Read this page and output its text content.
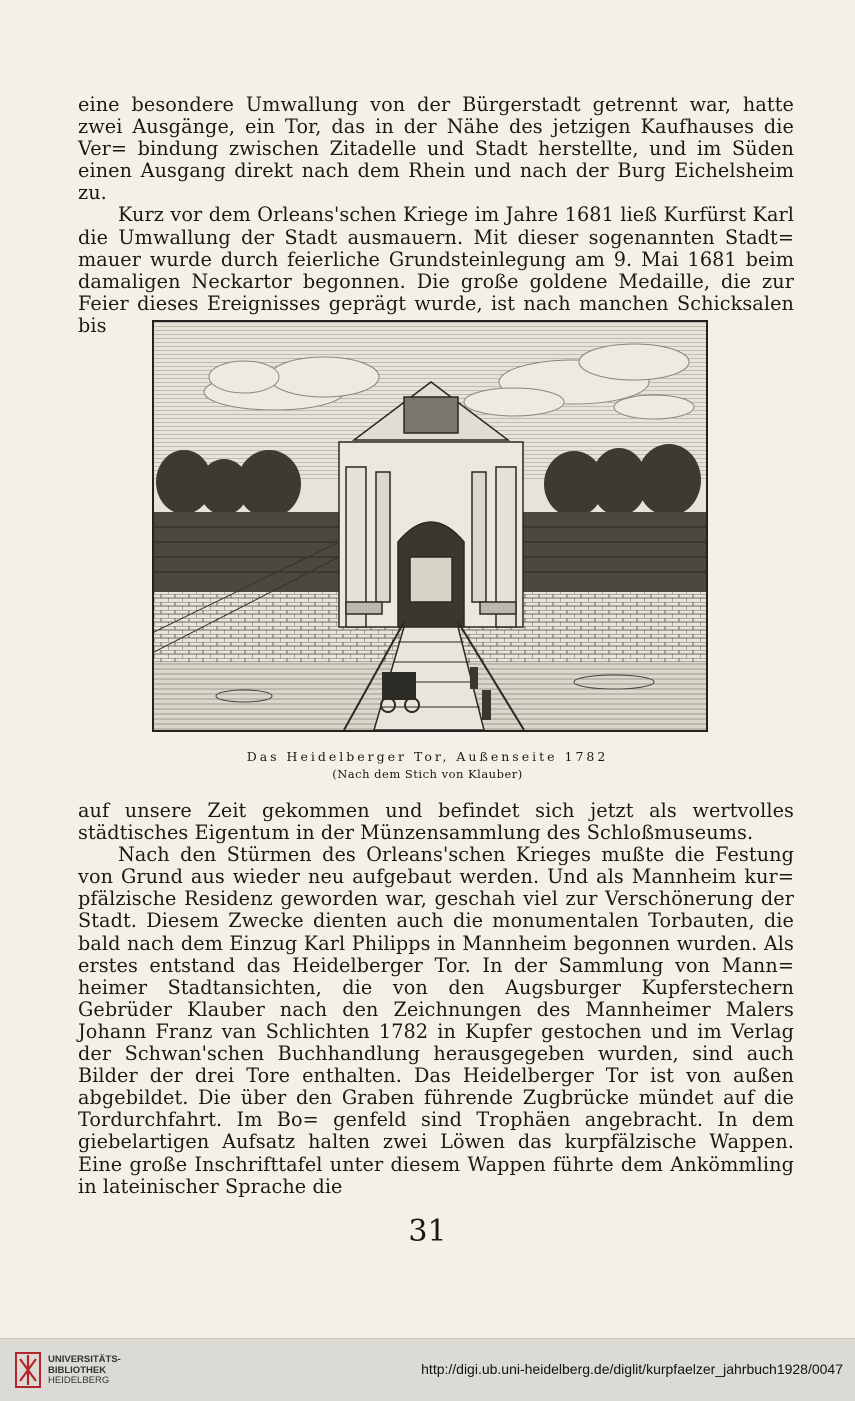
eine besondere Umwallung von der Bürgerstadt getrennt war, hatte zwei Ausgänge, ein Tor, das in der Nähe des jetzigen Kaufhauses die Ver= bindung zwischen Zitadelle und Stadt herstellte, und im Süden einen Ausgang direkt nach dem Rhein und nach der Burg Eichelsheim zu.

Kurz vor dem Orleans'schen Kriege im Jahre 1681 ließ Kurfürst Karl die Umwallung der Stadt ausmauern. Mit dieser sogenannten Stadt= mauer wurde durch feierliche Grundsteinlegung am 9. Mai 1681 beim damaligen Neckartor begonnen. Die große goldene Medaille, die zur Feier dieses Ereignisses geprägt wurde, ist nach manchen Schicksalen bis

Das Heidelberger Tor, Außenseite 1782
(Nach dem Stich von Klauber)

auf unsere Zeit gekommen und befindet sich jetzt als wertvolles städtisches Eigentum in der Münzensammlung des Schloßmuseums.

Nach den Stürmen des Orleans'schen Krieges mußte die Festung von Grund aus wieder neu aufgebaut werden. Und als Mannheim kur= pfälzische Residenz geworden war, geschah viel zur Verschönerung der Stadt. Diesem Zwecke dienten auch die monumentalen Torbauten, die bald nach dem Einzug Karl Philipps in Mannheim begonnen wurden. Als erstes entstand das Heidelberger Tor. In der Sammlung von Mann= heimer Stadtansichten, die von den Augsburger Kupferstechern Gebrüder Klauber nach den Zeichnungen des Mannheimer Malers Johann Franz van Schlichten 1782 in Kupfer gestochen und im Verlag der Schwan'schen Buchhandlung herausgegeben wurden, sind auch Bilder der drei Tore enthalten. Das Heidelberger Tor ist von außen abgebildet. Die über den Graben führende Zugbrücke mündet auf die Tordurchfahrt. Im Bo= genfeld sind Trophäen angebracht. In dem giebelartigen Aufsatz halten zwei Löwen das kurpfälzische Wappen. Eine große Inschrifttafel unter diesem Wappen führte dem Ankömmling in lateinischer Sprache die

31
UNIVERSITÄTS-
BIBLIOTHEK
HEIDELBERG
http://digi.ub.uni-heidelberg.de/diglit/kurpfaelzer_jahrbuch1928/0047
